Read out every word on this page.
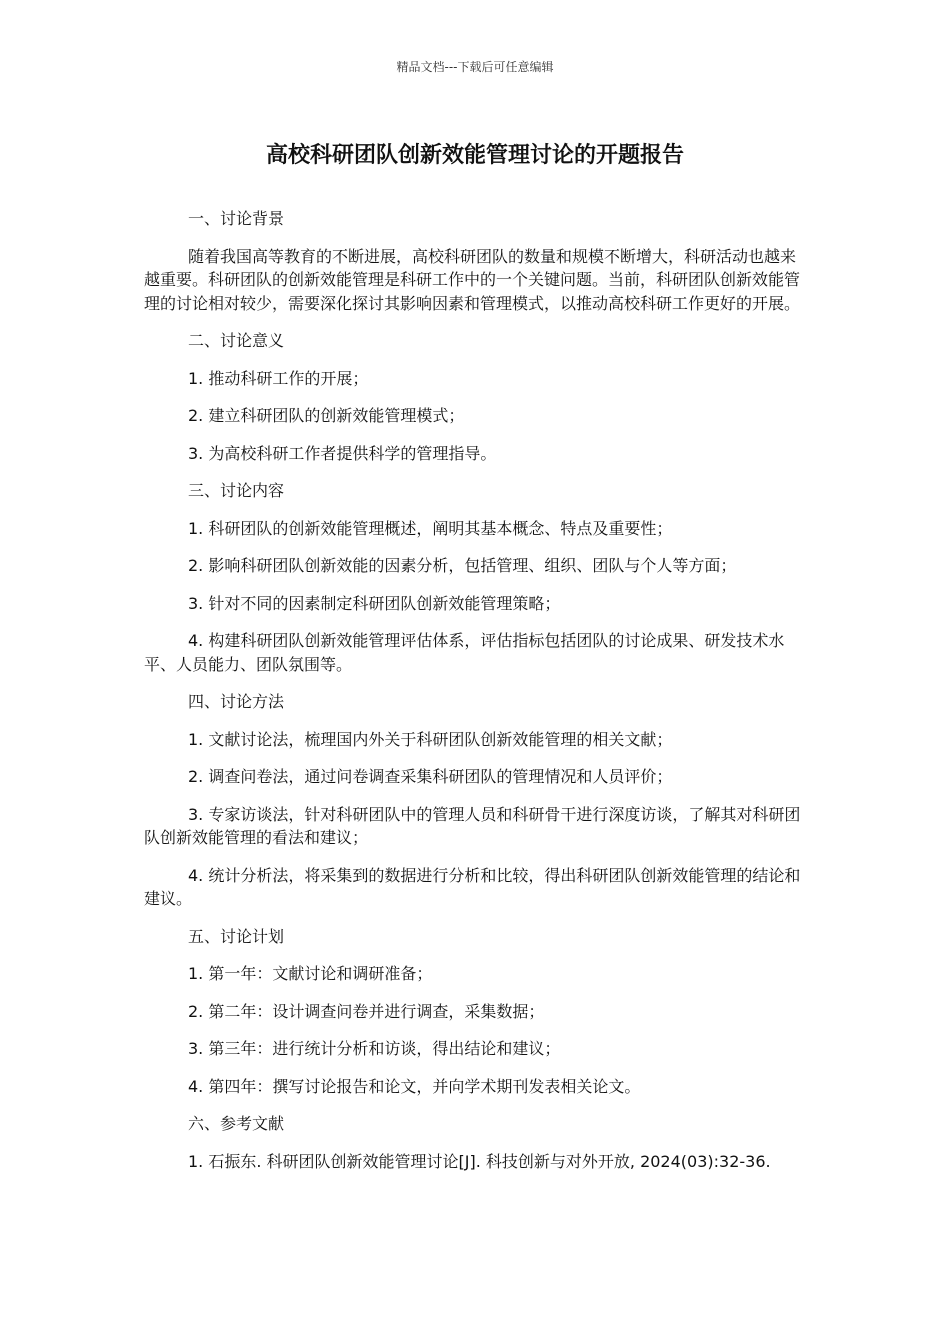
精品文档---下载后可任意编辑
高校科研团队创新效能管理讨论的开题报告

一、讨论背景

随着我国高等教育的不断进展，高校科研团队的数量和规模不断增大，科研活动也越来越重要。科研团队的创新效能管理是科研工作中的一个关键问题。当前，科研团队创新效能管理的讨论相对较少，需要深化探讨其影响因素和管理模式，以推动高校科研工作更好的开展。

二、讨论意义

1. 推动科研工作的开展；

2. 建立科研团队的创新效能管理模式；

3. 为高校科研工作者提供科学的管理指导。

三、讨论内容

1. 科研团队的创新效能管理概述，阐明其基本概念、特点及重要性；

2. 影响科研团队创新效能的因素分析，包括管理、组织、团队与个人等方面；

3. 针对不同的因素制定科研团队创新效能管理策略；

4. 构建科研团队创新效能管理评估体系，评估指标包括团队的讨论成果、研发技术水平、人员能力、团队氛围等。

四、讨论方法

1. 文献讨论法，梳理国内外关于科研团队创新效能管理的相关文献；

2. 调查问卷法，通过问卷调查采集科研团队的管理情况和人员评价；

3. 专家访谈法，针对科研团队中的管理人员和科研骨干进行深度访谈，了解其对科研团队创新效能管理的看法和建议；

4. 统计分析法，将采集到的数据进行分析和比较，得出科研团队创新效能管理的结论和建议。

五、讨论计划

1. 第一年：文献讨论和调研准备；

2. 第二年：设计调查问卷并进行调查，采集数据；

3. 第三年：进行统计分析和访谈，得出结论和建议；

4. 第四年：撰写讨论报告和论文，并向学术期刊发表相关论文。

六、参考文献

1. 石振东. 科研团队创新效能管理讨论[J]. 科技创新与对外开放, 2024(03):32-36.
